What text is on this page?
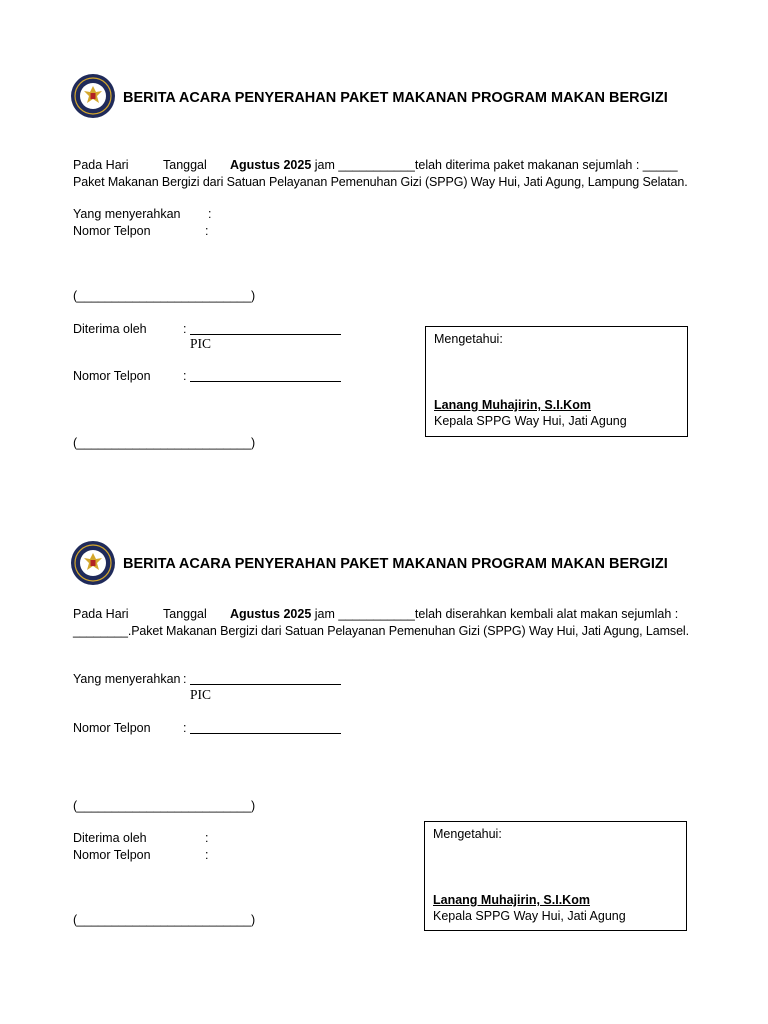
BERITA ACARA PENYERAHAN PAKET MAKANAN PROGRAM MAKAN BERGIZI
Pada Hari	Tanggal Agustus 2025 jam ___________telah diterima paket makanan sejumlah : _____
Paket Makanan Bergizi dari Satuan Pelayanan Pemenuhan Gizi (SPPG) Way Hui, Jati Agung, Lampung Selatan.
Yang menyerahkan :
Nomor Telpon	:
(_________________________)
Diterima oleh	:
PIC
Nomor Telpon	:
(_________________________)
Mengetahui:
Lanang Muhajirin, S.I.Kom
Kepala SPPG Way Hui, Jati Agung
BERITA ACARA PENYERAHAN PAKET MAKANAN PROGRAM MAKAN BERGIZI
Pada Hari	Tanggal Agustus 2025 jam ___________telah diserahkan kembali alat makan sejumlah :
________.Paket Makanan Bergizi dari Satuan Pelayanan Pemenuhan Gizi (SPPG) Way Hui, Jati Agung, Lamsel.
Yang menyerahkan :
PIC
Nomor Telpon	:
(_________________________)
Diterima oleh	:
Nomor Telpon	:
(_________________________)
Mengetahui:
Lanang Muhajirin, S.I.Kom
Kepala SPPG Way Hui, Jati Agung
